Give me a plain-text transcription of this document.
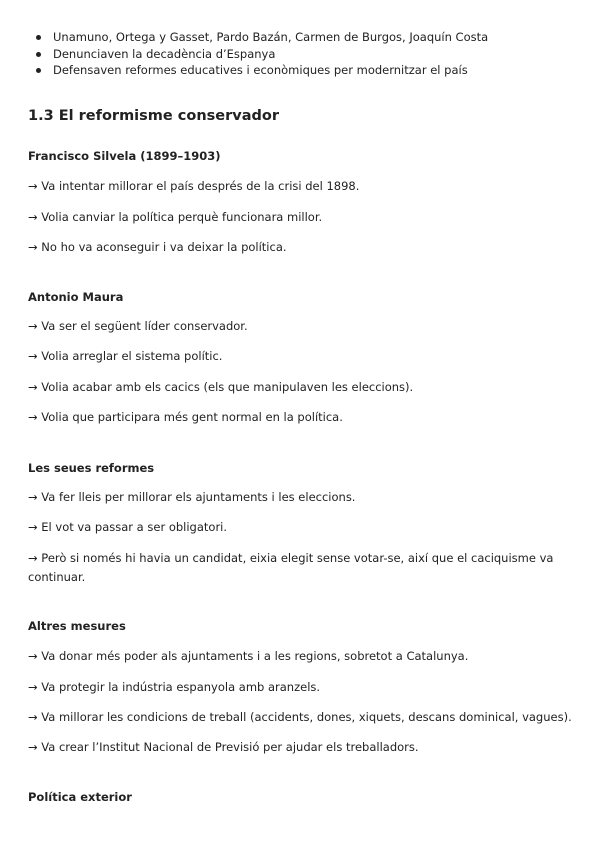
Unamuno, Ortega y Gasset, Pardo Bazán, Carmen de Burgos, Joaquín Costa
Denunciaven la decadència d’Espanya
Defensaven reformes educatives i econòmiques per modernitzar el país
1.3 El reformisme conservador
Francisco Silvela (1899–1903)

→ Va intentar millorar el país després de la crisi del 1898.

→ Volia canviar la política perquè funcionara millor.

→ No ho va aconseguir i va deixar la política.

Antonio Maura

→ Va ser el següent líder conservador.

→ Volia arreglar el sistema polític.

→ Volia acabar amb els cacics (els que manipulaven les eleccions).

→ Volia que participara més gent normal en la política.

Les seues reformes

→ Va fer lleis per millorar els ajuntaments i les eleccions.

→ El vot va passar a ser obligatori.

→ Però si només hi havia un candidat, eixia elegit sense votar-se, així que el caciquisme va continuar.

Altres mesures

→ Va donar més poder als ajuntaments i a les regions, sobretot a Catalunya.

→ Va protegir la indústria espanyola amb aranzels.

→ Va millorar les condicions de treball (accidents, dones, xiquets, descans dominical, vagues).

→ Va crear l’Institut Nacional de Previsió per ajudar els treballadors.

Política exterior
